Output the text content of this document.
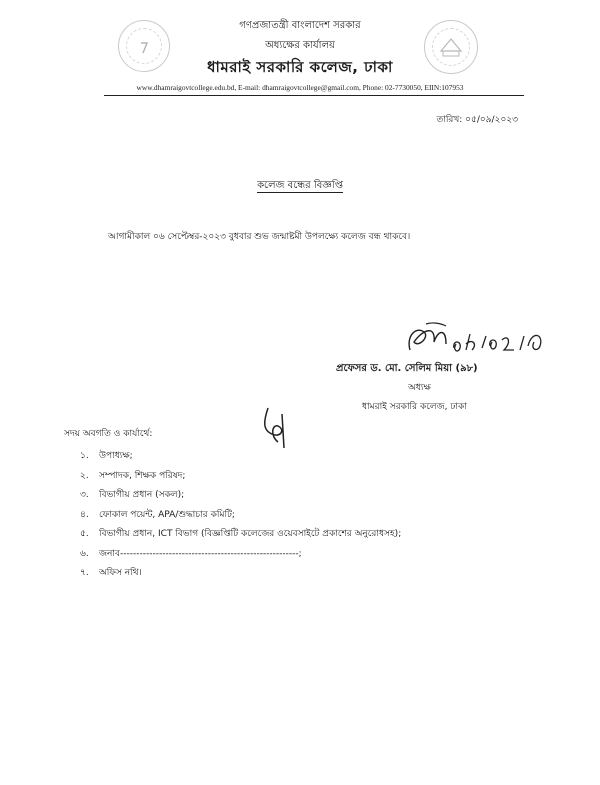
গণপ্রজাতন্ত্রী বাংলাদেশ সরকার
অধ্যক্ষের কার্যালয়
ধামরাই সরকারি কলেজ, ঢাকা
www.dhamraigovtcollege.edu.bd, E-mail: dhamraigovtcollege@gmail.com, Phone: 02-7730050, EIIN:107953
তারিখ: ০৫/০৯/২০২৩
কলেজ বন্ধের বিজ্ঞপ্তি
আগামীকাল ০৬ সেপ্টেম্বর-২০২৩ বুধবার শুভ জন্মাষ্টমী উপলক্ষ্যে কলেজ বন্ধ থাকবে।
প্রফেসর ড. মো. সেলিম মিয়া (৯৮)
অধ্যক্ষ
ধামরাই সরকারি কলেজ, ঢাকা
সদয় অবগতি ও কার্যার্থে:
১. উপাধ্যক্ষ;
২. সম্পাদক, শিক্ষক পরিষদ;
৩. বিভাগীয় প্রধান (সকল);
৪. ফোকাল পয়েন্ট, APA/শুদ্ধাচার কমিটি;
৫. বিভাগীয় প্রধান, ICT বিভাগ (বিজ্ঞপ্তিটি কলেজের ওয়েবসাইটে প্রকাশের অনুরোধসহ);
৬. জনাব-------------------------------------------------------;
৭. অফিস নথি।
